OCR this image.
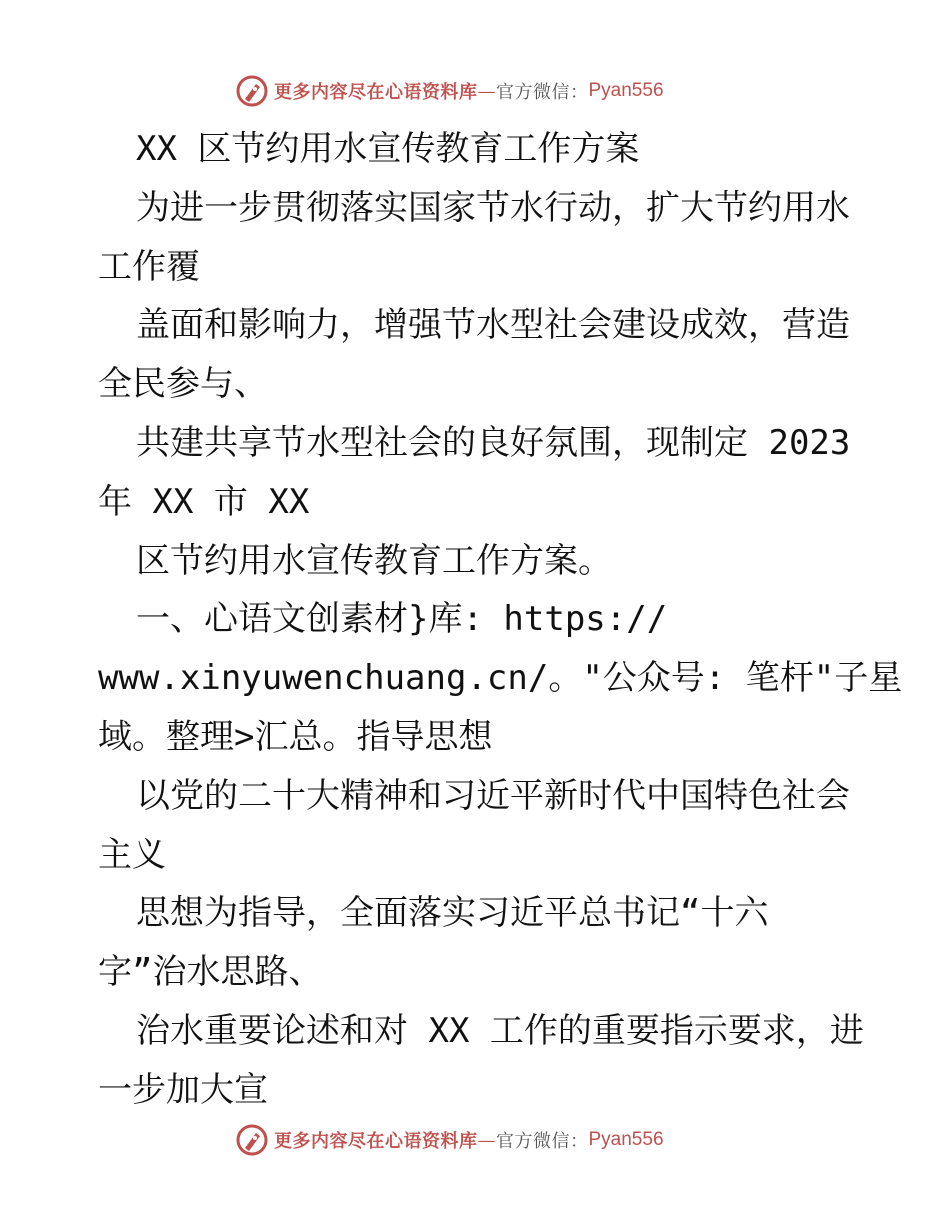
更多内容尽在心语资料库 — 官方微信： Pyan556
XX 区节约用水宣传教育工作方案
为进一步贯彻落实国家节水行动，扩大节约用水
工作覆
盖面和影响力，增强节水型社会建设成效，营造
全民参与、
共建共享节水型社会的良好氛围，现制定 2023
年 XX 市 XX
区节约用水宣传教育工作方案。
一、心语文创素材}库: https://
www.xinyuwenchuang.cn/。"公众号: 笔杆"子星
域。整理>汇总。指导思想
以党的二十大精神和习近平新时代中国特色社会
主义
思想为指导，全面落实习近平总书记“十六
字”治水思路、
治水重要论述和对 XX 工作的重要指示要求，进
一步加大宣
更多内容尽在心语资料库 — 官方微信： Pyan556
